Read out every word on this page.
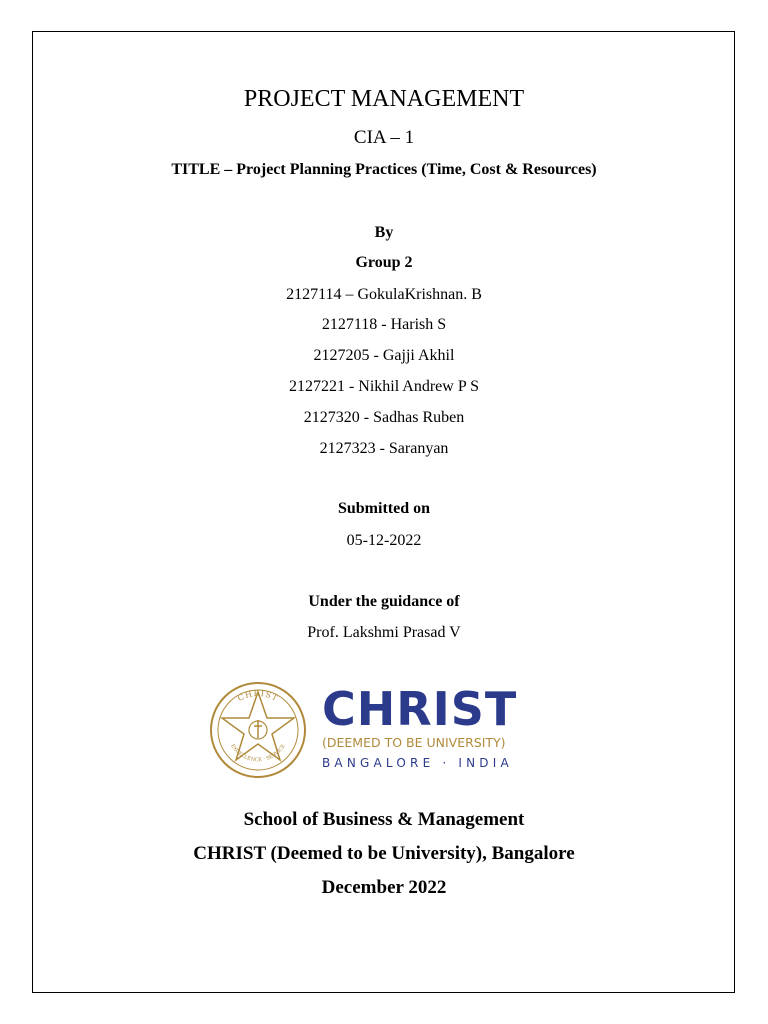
PROJECT MANAGEMENT
CIA – 1
TITLE – Project Planning Practices (Time, Cost & Resources)
By
Group 2
2127114 – GokulaKrishnan. B
2127118 - Harish S
2127205 - Gajji Akhil
2127221 - Nikhil Andrew P S
2127320 - Sadhas Ruben
2127323 - Saranyan
Submitted on
05-12-2022
Under the guidance of
Prof. Lakshmi Prasad V
CHRIST
EXCELLENCE · SERVICE
CHRIST
(DEEMED TO BE UNIVERSITY)
BANGALORE · INDIA
School of Business & Management
CHRIST (Deemed to be University), Bangalore
December 2022
